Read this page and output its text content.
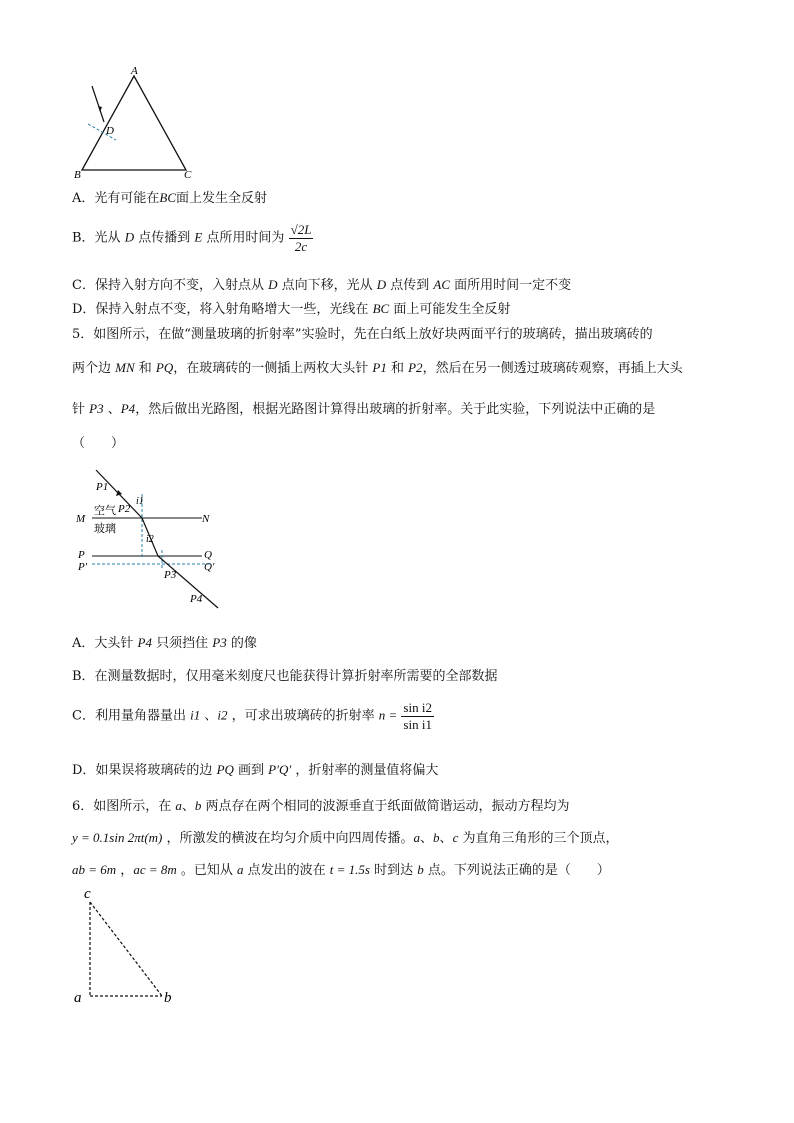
A
B	C
D
A．光有可能在BC面上发生全反射
B．光从 D 点传播到 E 点所用时间为 $\frac{√2L}{2c}$
C．保持入射方向不变，入射点从 D 点向下移，光从 D 点传到 AC 面所用时间一定不变
D．保持入射点不变，将入射角略增大一些，光线在 BC 面上可能发生全反射
5．如图所示，在做“测量玻璃的折射率”实验时，先在白纸上放好块两面平行的玻璃砖，描出玻璃砖的
两个边 MN 和 PQ，在玻璃砖的一侧插上两枚大头针 P1 和 P2，然后在另一侧透过玻璃砖观察，再插上大头
针 P3 、P4，然后做出光路图，根据光路图计算得出玻璃的折射率。关于此实验，下列说法中正确的是
（　　）
P1
P2
i1
i2
空气
玻璃
M	N
P
P′
Q
Q′
P3
P4
A．大头针 P4 只须挡住 P3 的像
B．在测量数据时，仅用毫米刻度尺也能获得计算折射率所需要的全部数据
C．利用量角器量出 i1 、i2 ，可求出玻璃砖的折射率 $n = \frac{\text{sin i2}}{\text{sin i1}}$
D．如果误将玻璃砖的边 PQ 画到 P′Q′ ，折射率的测量值将偏大
6．如图所示，在 a、b 两点存在两个相同的波源垂直于纸面做简谐运动，振动方程均为
y = 0.1sin 2πt(m) ，所激发的横波在均匀介质中向四周传播。a、b、c 为直角三角形的三个顶点，
ab = 6m ，ac = 8m 。已知从 a 点发出的波在 t = 1.5s 时到达 b 点。下列说法正确的是（　　）
c
a	b
